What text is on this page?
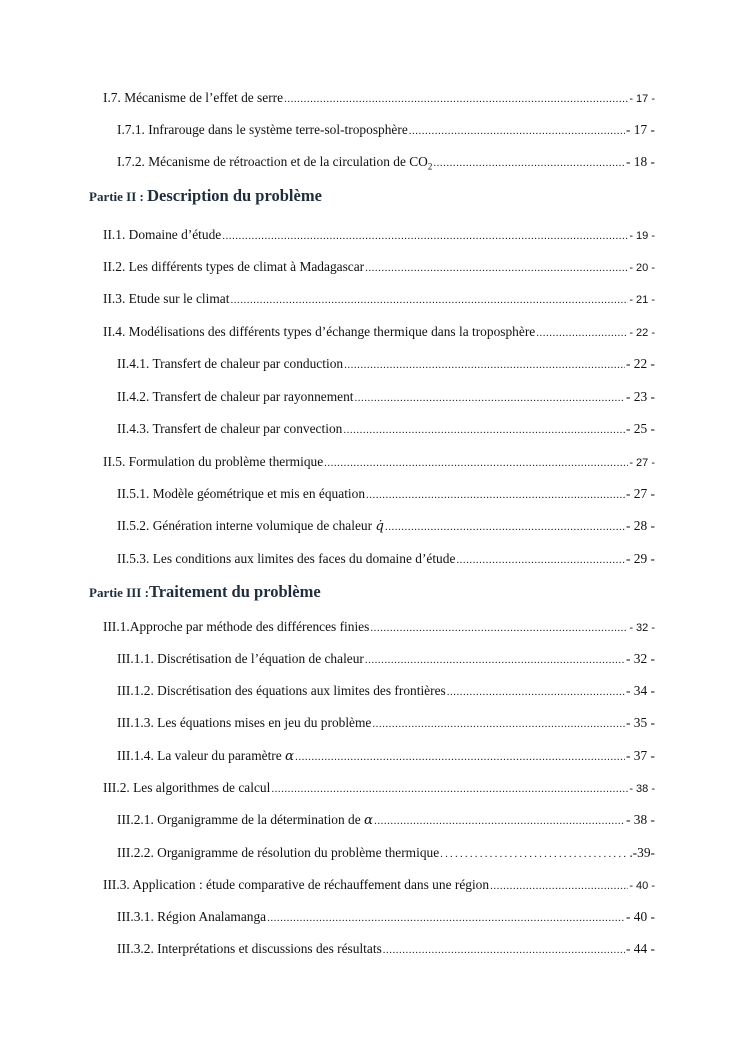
I.7. Mécanisme de l’effet de serre .....	- 17 -
I.7.1. Infrarouge dans le système terre-sol-troposphère .....	- 17 -
I.7.2. Mécanisme de rétroaction et de la circulation de $CO_2$ .....	- 18 -
Partie II : Description du problème
II.1. Domaine d’étude .....	- 19 -
II.2. Les différents types de climat à Madagascar .....	- 20 -
II.3. Etude sur le climat .....	- 21 -
II.4. Modélisations des différents types d’échange thermique dans la troposphère .....	- 22 -
II.4.1. Transfert de chaleur par conduction .....	- 22 -
II.4.2. Transfert de chaleur par rayonnement .....	- 23 -
II.4.3. Transfert de chaleur par convection .....	- 25 -
II.5. Formulation du problème thermique .....	- 27 -
II.5.1. Modèle géométrique et mis en équation .....	- 27 -
II.5.2. Génération interne volumique de chaleur q̇ .....	- 28 -
II.5.3. Les conditions aux limites des faces du domaine d’étude .....	- 29 -
Partie III :Traitement du problème
III.1.Approche par méthode des différences finies .....	- 32 -
III.1.1. Discrétisation de l’équation de chaleur .....	- 32 -
III.1.2. Discrétisation des équations aux limites des frontières .....	- 34 -
III.1.3. Les équations mises en jeu du problème .....	- 35 -
III.1.4. La valeur du paramètre α .....	- 37 -
III.2. Les algorithmes de calcul .....	- 38 -
III.2.1. Organigramme de la détermination de α .....	- 38 -
III.2.2. Organigramme de résolution du problème thermique .....	.-39-
III.3. Application : étude comparative de réchauffement dans une région .....	- 40 -
III.3.1. Région Analamanga .....	- 40 -
III.3.2. Interprétations et discussions des résultats .....	- 44 -
